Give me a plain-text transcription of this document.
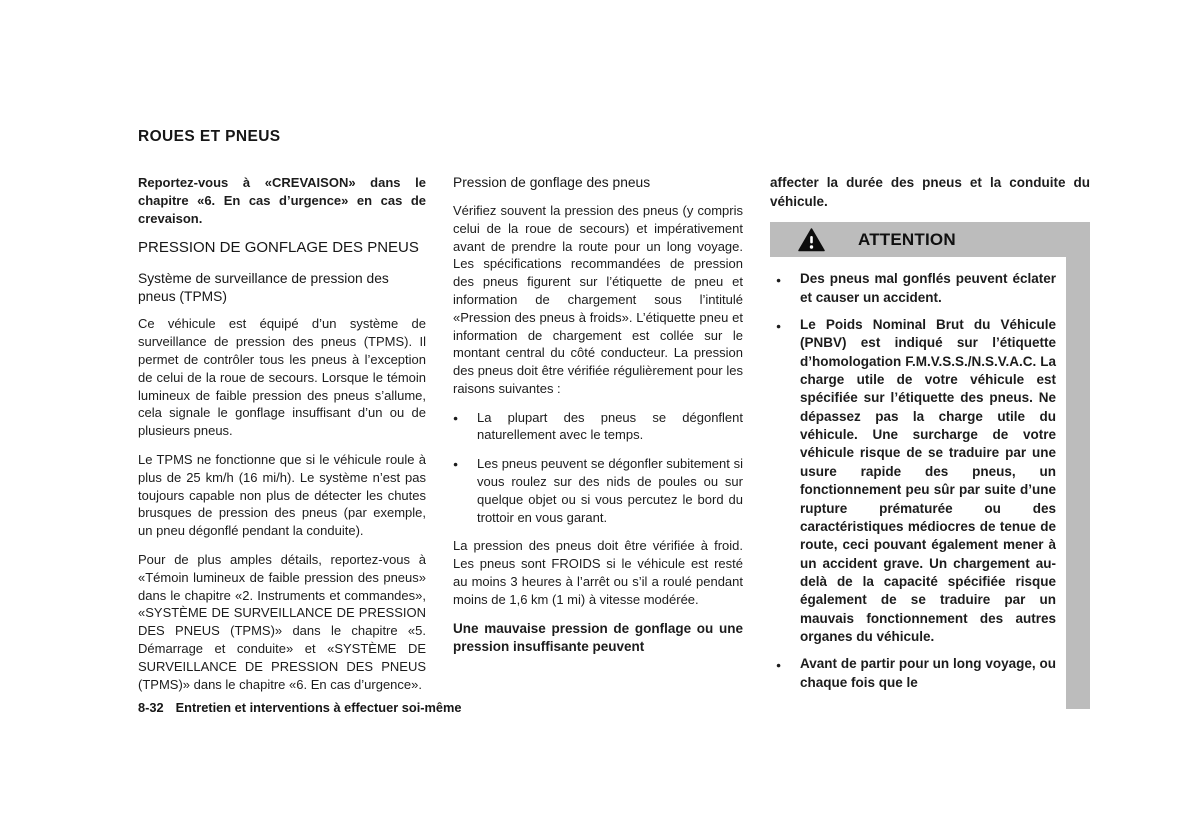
ROUES ET PNEUS

Reportez-vous à «CREVAISON» dans le chapitre «6. En cas d’urgence» en cas de crevaison.

PRESSION DE GONFLAGE DES PNEUS
Système de surveillance de pression des pneus (TPMS)

Ce véhicule est équipé d’un système de surveillance de pression des pneus (TPMS). Il permet de contrôler tous les pneus à l’exception de celui de la roue de secours. Lorsque le témoin lumineux de faible pression des pneus s’allume, cela signale le gonflage insuffisant d’un ou de plusieurs pneus.

Le TPMS ne fonctionne que si le véhicule roule à plus de 25 km/h (16 mi/h). Le système n’est pas toujours capable non plus de détecter les chutes brusques de pression des pneus (par exemple, un pneu dégonflé pendant la conduite).

Pour de plus amples détails, reportez-vous à «Témoin lumineux de faible pression des pneus» dans le chapitre «2. Instruments et commandes», «SYSTÈME DE SURVEILLANCE DE PRESSION DES PNEUS (TPMS)» dans le chapitre «5. Démarrage et conduite» et «SYSTÈME DE SURVEILLANCE DE PRESSION DES PNEUS (TPMS)» dans le chapitre «6. En cas d’urgence».

Pression de gonflage des pneus

Vérifiez souvent la pression des pneus (y compris celui de la roue de secours) et impérativement avant de prendre la route pour un long voyage. Les spécifications recommandées de pression des pneus figurent sur l’étiquette de pneu et information de chargement sous l’intitulé «Pression des pneus à froids». L’étiquette pneu et information de chargement est collée sur le montant central du côté conducteur. La pression des pneus doit être vérifiée régulièrement pour les raisons suivantes :

●	La plupart des pneus se dégonflent naturellement avec le temps.
●	Les pneus peuvent se dégonfler subitement si vous roulez sur des nids de poules ou sur quelque objet ou si vous percutez le bord du trottoir en vous garant.

La pression des pneus doit être vérifiée à froid. Les pneus sont FROIDS si le véhicule est resté au moins 3 heures à l’arrêt ou s’il a roulé pendant moins de 1,6 km (1 mi) à vitesse modérée.

Une mauvaise pression de gonflage ou une pression insuffisante peuvent

affecter la durée des pneus et la conduite du véhicule.

ATTENTION
●	Des pneus mal gonflés peuvent éclater et causer un accident.
●	Le Poids Nominal Brut du Véhicule (PNBV) est indiqué sur l’étiquette d’homologation F.M.V.S.S./N.S.V.A.C. La charge utile de votre véhicule est spécifiée sur l’étiquette des pneus. Ne dépassez pas la charge utile du véhicule. Une surcharge de votre véhicule risque de se traduire par une usure rapide des pneus, un fonctionnement peu sûr par suite d’une rupture prématurée ou des caractéristiques médiocres de tenue de route, ceci pouvant également mener à un accident grave. Un chargement au-delà de la capacité spécifiée risque également de se traduire par un mauvais fonctionnement des autres organes du véhicule.
●	Avant de partir pour un long voyage, ou chaque fois que le
8-32 Entretien et interventions à effectuer soi-même
